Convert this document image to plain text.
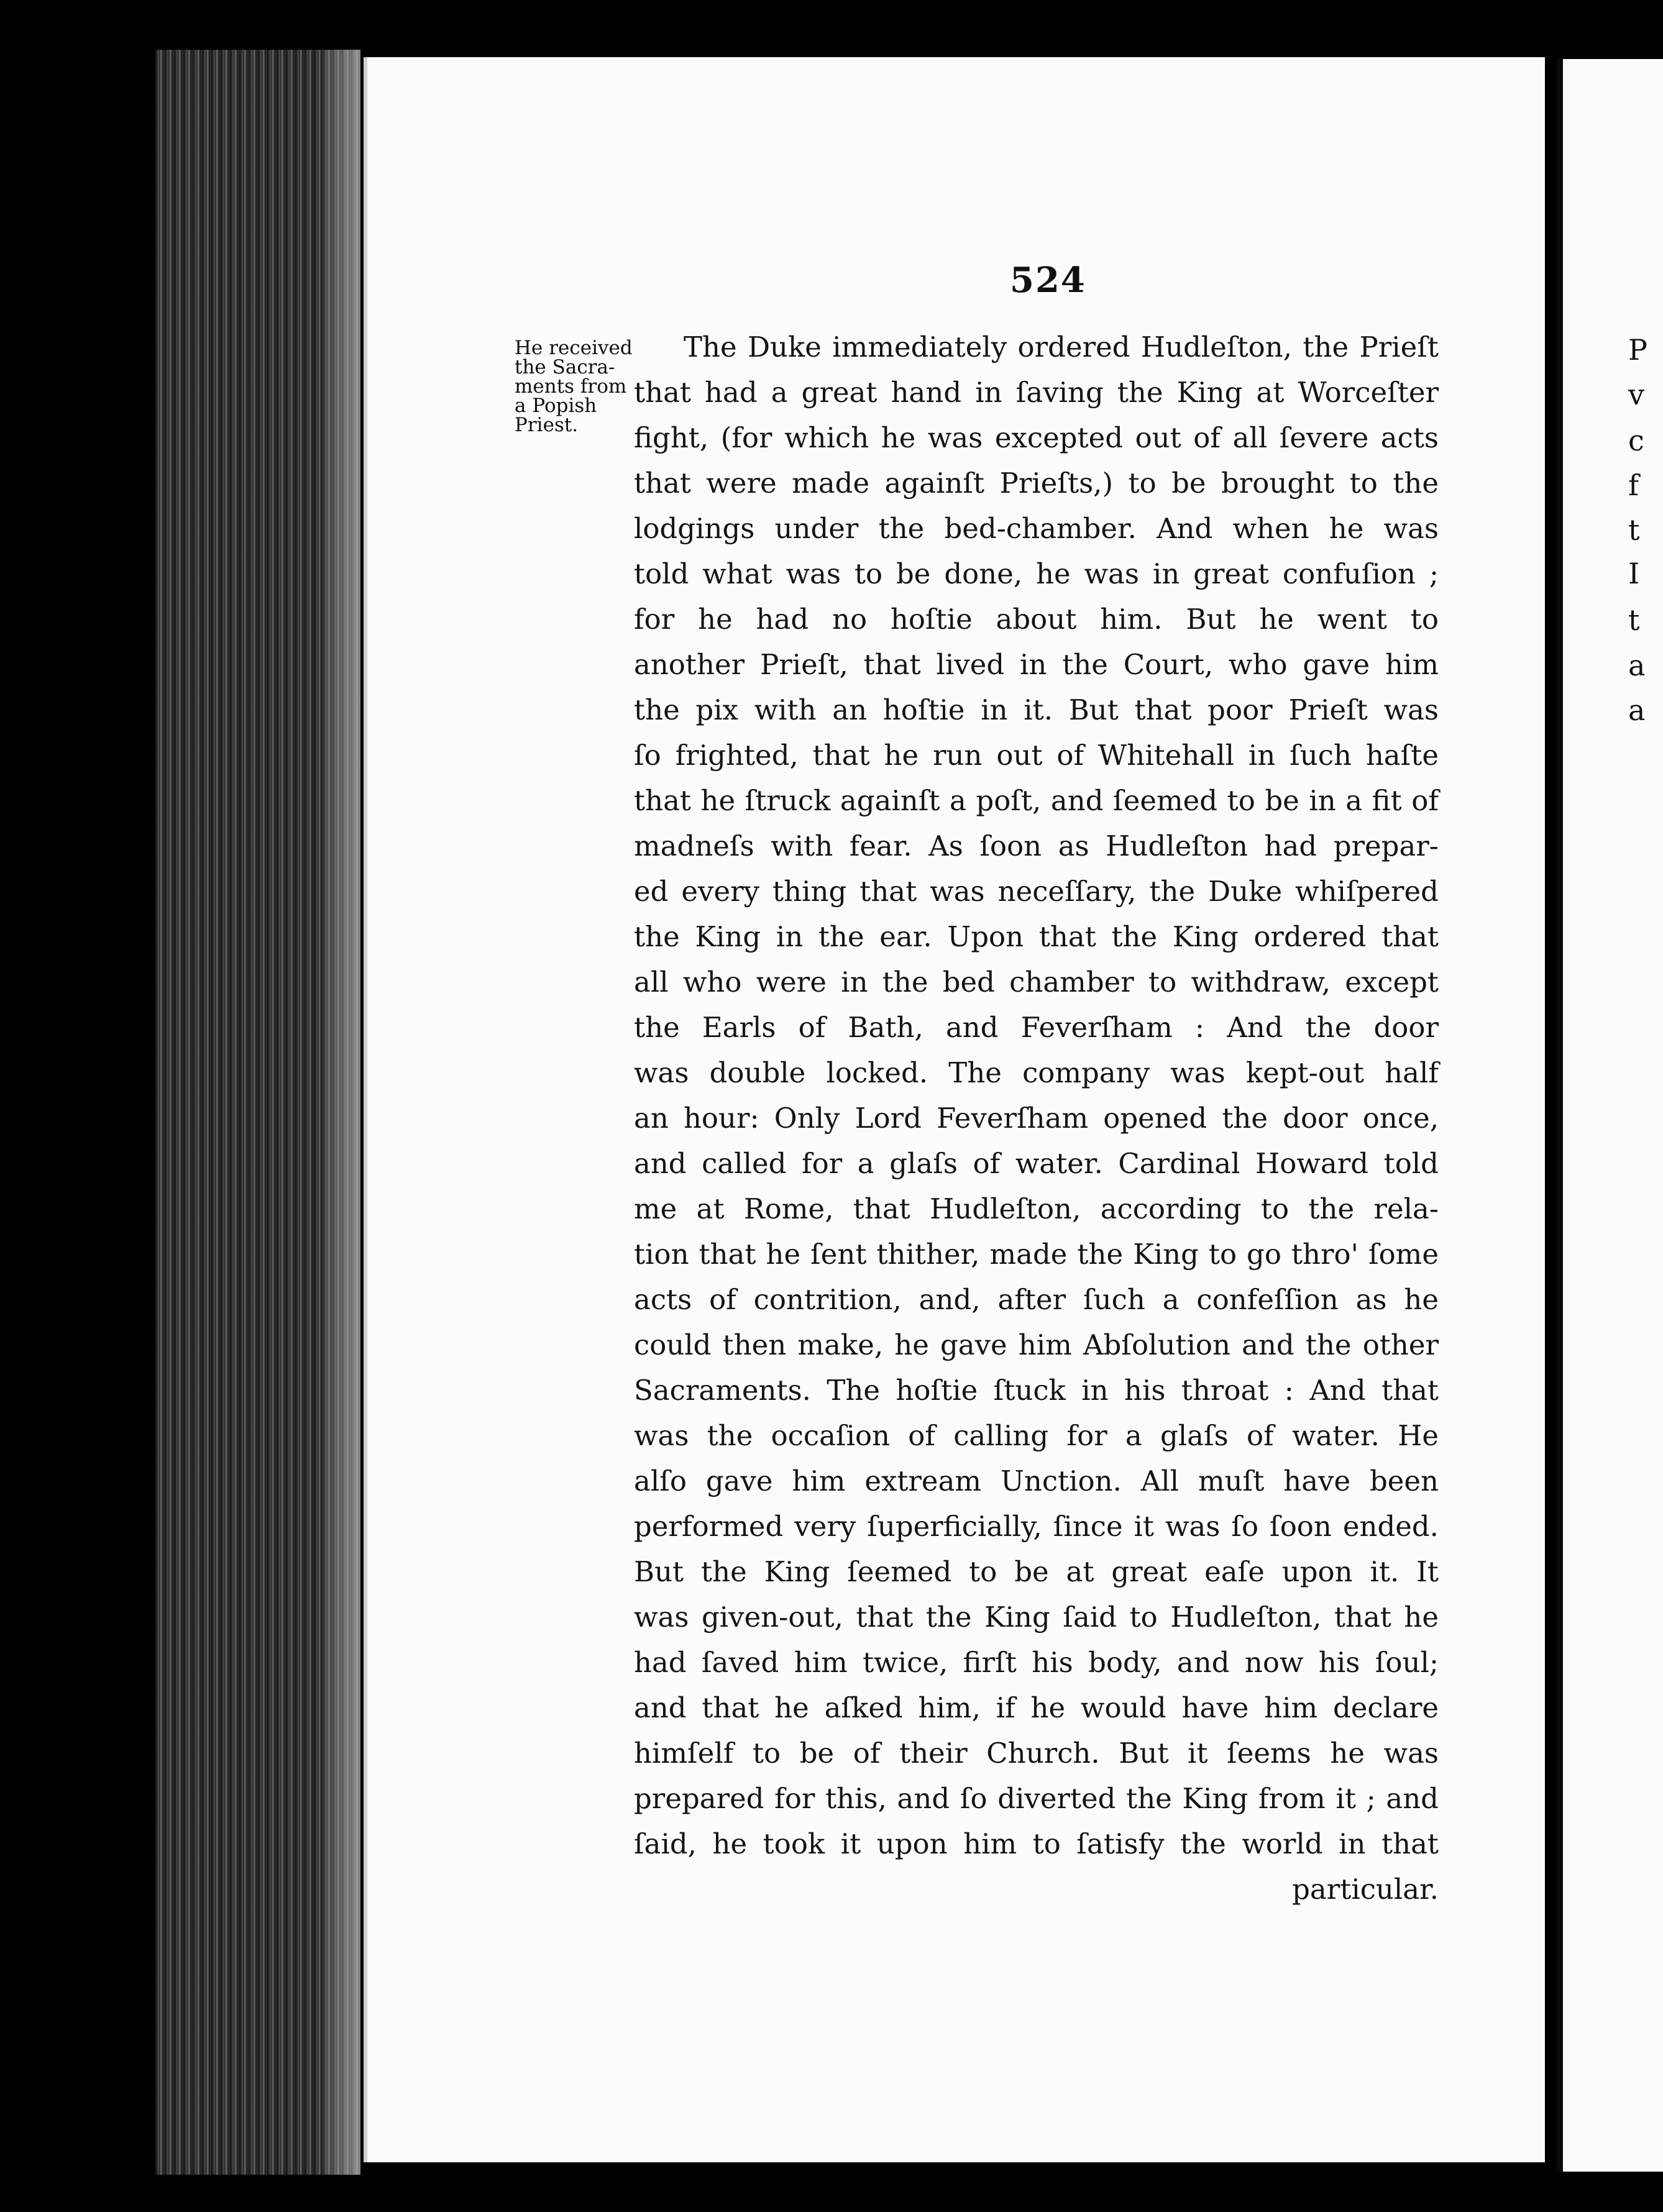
P
v
c
f
t
I
t
a
a
524
He received
the Sacra-
ments from
a Popish
Priest.
The Duke immediately ordered Hudleſton, the Prieſt
that had a great hand in ſaving the King at Worceſter
fight, (for which he was excepted out of all ſevere acts
that were made againſt Prieſts,) to be brought to the
lodgings under the bed-chamber. And when he was
told what was to be done, he was in great confuſion ;
for he had no hoſtie about him. But he went to
another Prieſt, that lived in the Court, who gave him
the pix with an hoſtie in it. But that poor Prieſt was
ſo frighted, that he run out of Whitehall in ſuch haſte
that he ſtruck againſt a poſt, and ſeemed to be in a fit of
madneſs with fear. As ſoon as Hudleſton had prepar-
ed every thing that was neceſſary, the Duke whiſpered
the King in the ear. Upon that the King ordered that
all who were in the bed chamber to withdraw, except
the Earls of Bath, and Feverſham : And the door
was double locked. The company was kept-out half
an hour: Only Lord Feverſham opened the door once,
and called for a glaſs of water. Cardinal Howard told
me at Rome, that Hudleſton, according to the rela-
tion that he ſent thither, made the King to go thro' ſome
acts of contrition, and, after ſuch a confeſſion as he
could then make, he gave him Abſolution and the other
Sacraments. The hoſtie ſtuck in his throat : And that
was the occaſion of calling for a glaſs of water. He
alſo gave him extream Unction. All muſt have been
performed very ſuperficially, ſince it was ſo ſoon ended.
But the King ſeemed to be at great eaſe upon it. It
was given-out, that the King ſaid to Hudleſton, that he
had ſaved him twice, firſt his body, and now his ſoul;
and that he aſked him, if he would have him declare
himſelf to be of their Church. But it ſeems he was
prepared for this, and ſo diverted the King from it ; and
ſaid, he took it upon him to ſatisfy the world in that
particular.
